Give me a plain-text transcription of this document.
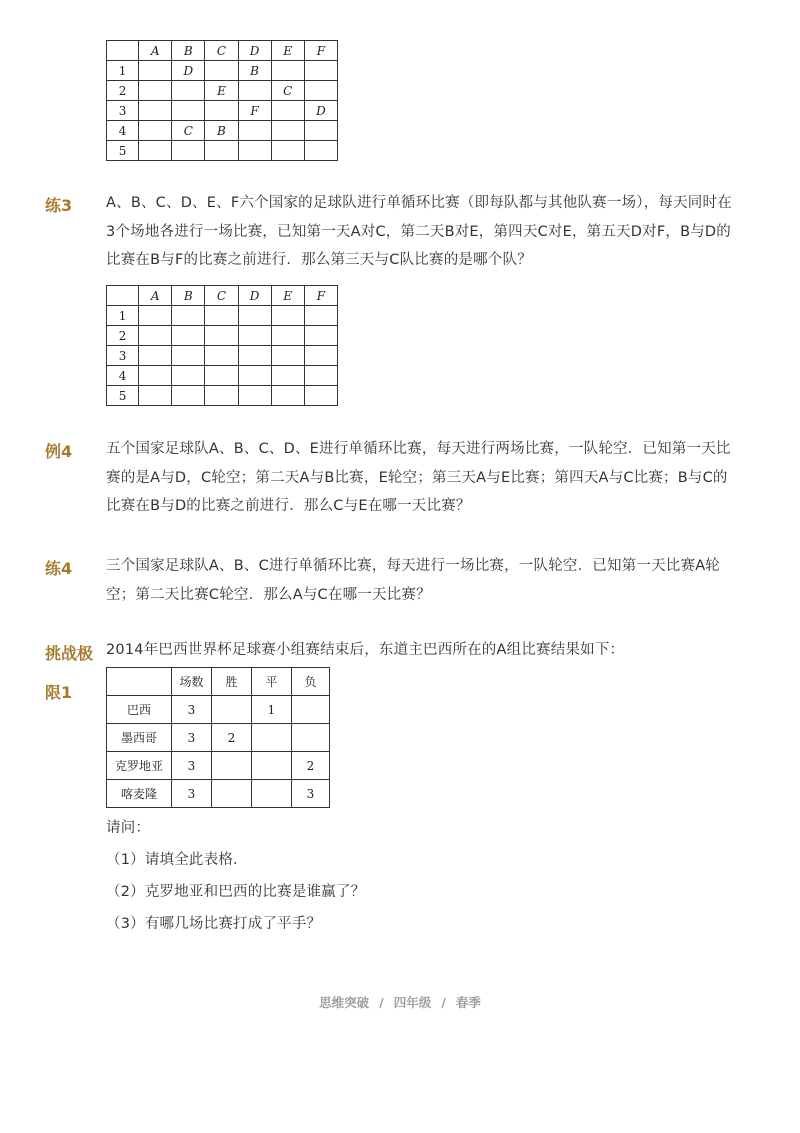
	A	B	C	D	E	F
1		D		B		
2			E		C	
3				F		D
4		C	B			
5						
练3 A、B、C、D、E、F六个国家的足球队进行单循环比赛（即每队都与其他队赛一场），每天同时在
3个场地各进行一场比赛，已知第一天A对C，第二天B对E，第四天C对E，第五天D对F，B与D的
比赛在B与F的比赛之前进行．那么第三天与C队比赛的是哪个队？
	A	B	C	D	E	F
1						
2						
3						
4						
5						
例4 五个国家足球队A、B、C、D、E进行单循环比赛，每天进行两场比赛，一队轮空．已知第一天比
赛的是A与D，C轮空；第二天A与B比赛，E轮空；第三天A与E比赛；第四天A与C比赛；B与C的
比赛在B与D的比赛之前进行．那么C与E在哪一天比赛？
练4 三个国家足球队A、B、C进行单循环比赛，每天进行一场比赛，一队轮空．已知第一天比赛A轮
空；第二天比赛C轮空．那么A与C在哪一天比赛？
挑战极
限1
2014年巴西世界杯足球赛小组赛结束后，东道主巴西所在的A组比赛结果如下：
	场数	胜	平	负
巴西	3		1	
墨西哥	3	2		
克罗地亚	3			2
喀麦隆	3			3
请问：
（1）请填全此表格．
（2）克罗地亚和巴西的比赛是谁赢了？
（3）有哪几场比赛打成了平手？
思维突破 / 四年级 / 春季
